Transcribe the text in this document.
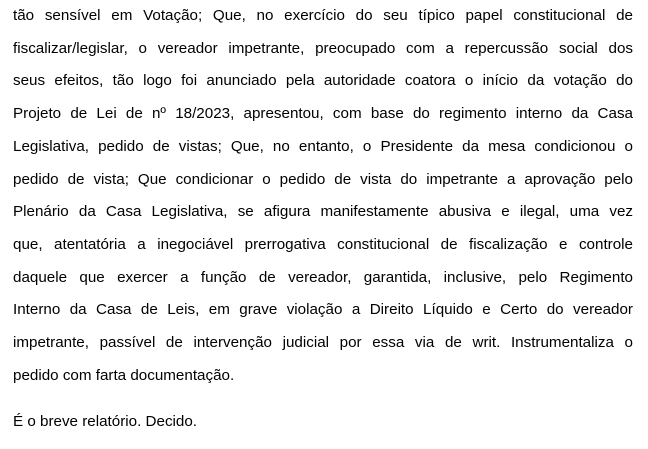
tão sensível em Votação; Que, no exercício do seu típico papel constitucional de
fiscalizar/legislar, o vereador impetrante, preocupado com a repercussão social dos
seus efeitos, tão logo foi anunciado pela autoridade coatora o início da votação do
Projeto de Lei de nº 18/2023, apresentou, com base do regimento interno da Casa
Legislativa, pedido de vistas; Que, no entanto, o Presidente da mesa condicionou o
pedido de vista; Que condicionar o pedido de vista do impetrante a aprovação pelo
Plenário da Casa Legislativa, se afigura manifestamente abusiva e ilegal, uma vez
que, atentatória a inegociável prerrogativa constitucional de fiscalização e controle
daquele que exercer a função de vereador, garantida, inclusive, pelo Regimento
Interno da Casa de Leis, em grave violação a Direito Líquido e Certo do vereador
impetrante, passível de intervenção judicial por essa via de writ. Instrumentaliza o
pedido com farta documentação.

É o breve relatório. Decido.
